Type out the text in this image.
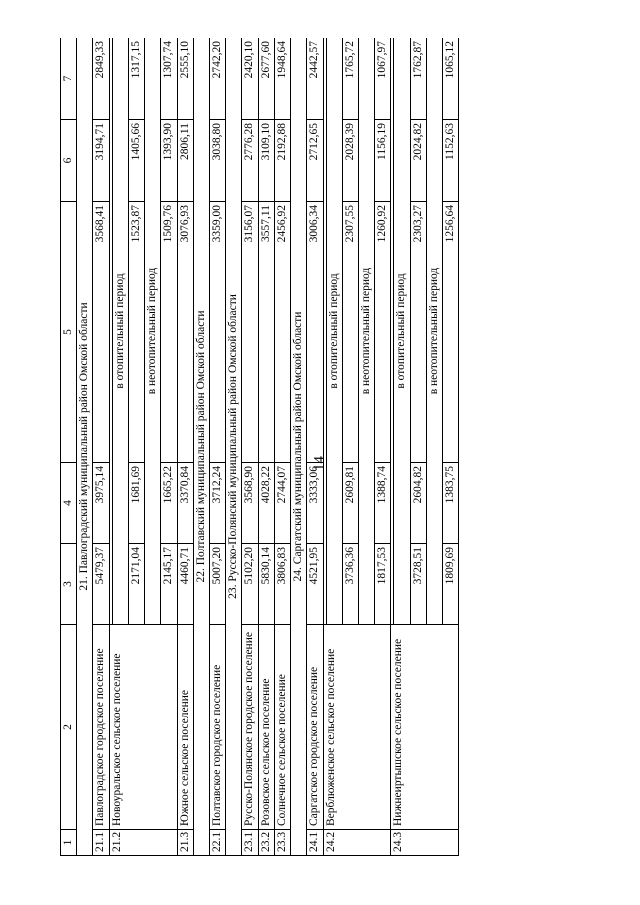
14
1	2	3	4	5	6	7
21. Павлоградский муниципальный район Омской области						
21.1	Павлоградское городское поселение	5479,37	3975,14	3568,41	3194,71	2849,33
21.2	Новоуральское сельское поселение					
		в отопительный период				
		2171,04	1681,69	1523,87	1405,66	1317,15
		в неотопительный период				
		2145,17	1665,22	1509,76	1393,90	1307,74
21.3	Южное сельское поселение	4460,71	3370,84	3076,93	2806,11	2555,10
22. Полтавский муниципальный район Омской области						
22.1	Полтавское городское поселение	5007,20	3712,24	3359,00	3038,80	2742,20
23. Русско-Полянский муниципальный район Омской области						
23.1	Русско-Полянское городское поселение	5102,20	3568,90	3156,07	2776,28	2420,10
23.2	Розовское сельское поселение	5830,14	4028,22	3557,11	3109,10	2677,60
23.3	Солнечное сельское поселение	3806,83	2744,07	2456,92	2192,88	1948,64
24. Саргатский муниципальный район Омской области						
24.1	Саргатское городское поселение	4521,95	3333,06	3006,34	2712,65	2442,57
24.2	Верблюженское сельское поселение					
		в отопительный период				
		3736,36	2609,81	2307,55	2028,39	1765,72
		в неотопительный период				
		1817,53	1388,74	1260,92	1156,19	1067,97
24.3	Нижнеиртышское сельское поселение					
		в отопительный период				
		3728,51	2604,82	2303,27	2024,82	1762,87
		в неотопительный период				
		1809,69	1383,75	1256,64	1152,63	1065,12
